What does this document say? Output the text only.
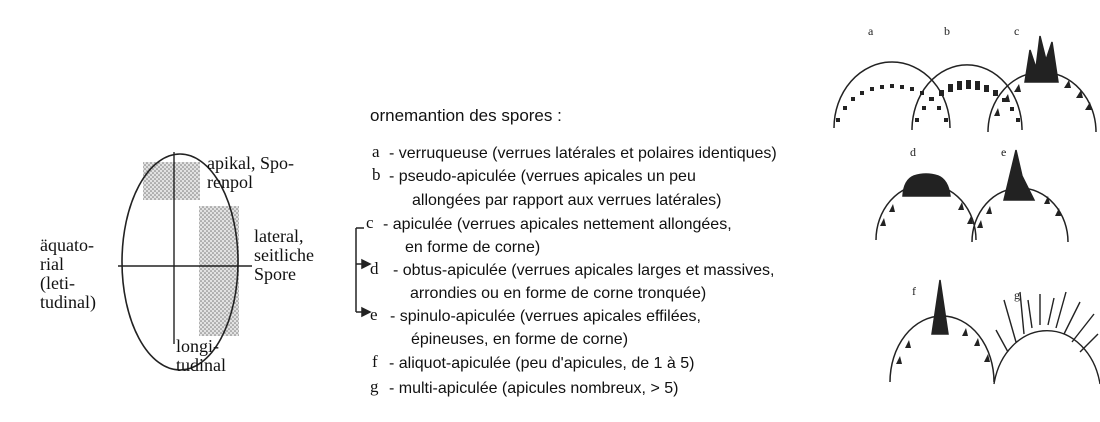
apikal, Spo-
renpol
lateral,
seitliche
Spore
äquato-
rial
(leti-
tudinal)
longi-
tudinal
ornemantion des spores :
a - verruqueuse (verrues latérales et polaires identiques)
b - pseudo-apiculée (verrues apicales un peu
allongées par rapport aux verrues latérales)
c - apiculée (verrues apicales nettement allongées,
en forme de corne)
d - obtus-apiculée (verrues apicales larges et massives,
arrondies ou en forme de corne tronquée)
e - spinulo-apiculée (verrues apicales effilées,
épineuses, en forme de corne)
f - aliquot-apiculée (peu d'apicules, de 1 à 5)
g - multi-apiculée (apicules nombreux, > 5)
a	b	c
d	e
f	g
